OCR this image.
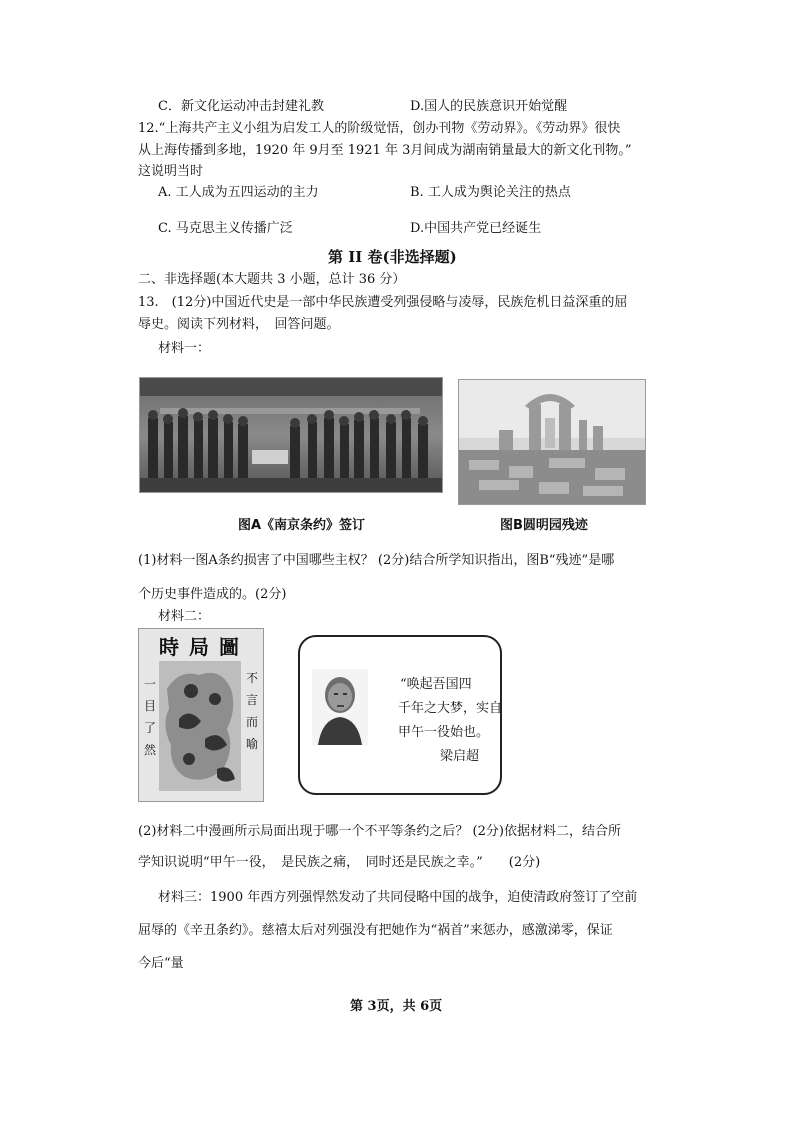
C．新文化运动冲击封建礼教	D.国人的民族意识开始觉醒
12.“上海共产主义小组为启发工人的阶级觉悟，创办刊物《劳动界》。《劳动界》很快
从上海传播到多地，1920 年 9月至 1921 年 3月间成为湖南销量最大的新文化刊物。”
这说明当时
A. 工人成为五四运动的主力	B. 工人成为舆论关注的热点
C. 马克思主义传播广泛	D.中国共产党已经诞生
第 II 卷(非选择题)
二、非选择题(本大题共 3 小题，总计 36 分）
13.　(12分)中国近代史是一部中华民族遭受列强侵略与凌辱，民族危机日益深重的屈
辱史。阅读下列材料，　回答问题。
材料一：
图A《南京条约》签订	图B圆明园残迹
(1)材料一图A条约损害了中国哪些主权？ (2分)结合所学知识指出，图B“残迹”是哪
个历史事件造成的。(2分)
材料二：
時局圖
一
目
了
然
不
言
而
喻
“唤起吾国四
千年之大梦，实自
甲午一役始也。
梁启超
(2)材料二中漫画所示局面出现于哪一个不平等条约之后？ (2分)依据材料二，结合所
学知识说明“甲午一役，　是民族之痛，　同时还是民族之幸。”　　(2分)
材料三：1900 年西方列强悍然发动了共同侵略中国的战争，迫使清政府签订了空前
屈辱的《辛丑条约》。慈禧太后对列强没有把她作为“祸首”来惩办，感激涕零，保证
今后“量
第 3页，共 6页
